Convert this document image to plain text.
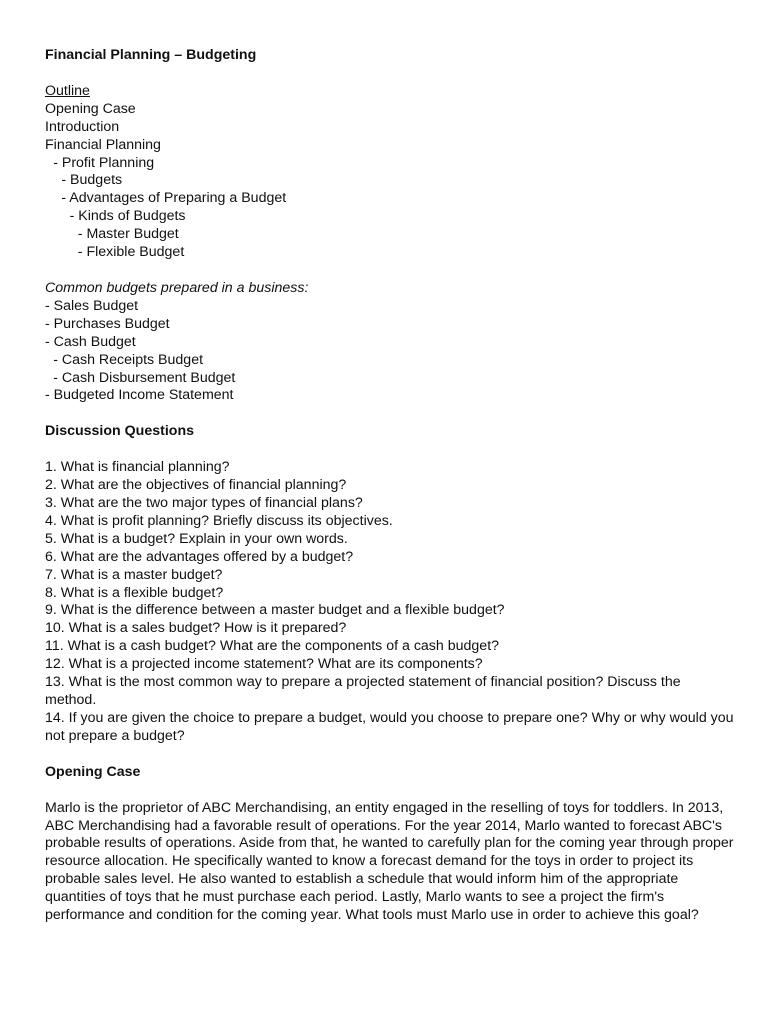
Financial Planning – Budgeting

Outline

Opening Case
Introduction
Financial Planning
- Profit Planning
- Budgets
- Advantages of Preparing a Budget
- Kinds of Budgets
- Master Budget
- Flexible Budget

Common budgets prepared in a business:

- Sales Budget
- Purchases Budget
- Cash Budget
- Cash Receipts Budget
- Cash Disbursement Budget
- Budgeted Income Statement

Discussion Questions

1. What is financial planning?
2. What are the objectives of financial planning?
3. What are the two major types of financial plans?
4. What is profit planning? Briefly discuss its objectives.
5. What is a budget? Explain in your own words.
6. What are the advantages offered by a budget?
7. What is a master budget?
8. What is a flexible budget?
9. What is the difference between a master budget and a flexible budget?
10. What is a sales budget? How is it prepared?
11. What is a cash budget? What are the components of a cash budget?
12. What is a projected income statement? What are its components?
13. What is the most common way to prepare a projected statement of financial position? Discuss the method.
14. If you are given the choice to prepare a budget, would you choose to prepare one? Why or why would you not prepare a budget?

Opening Case

Marlo is the proprietor of ABC Merchandising, an entity engaged in the reselling of toys for toddlers. In 2013, ABC Merchandising had a favorable result of operations. For the year 2014, Marlo wanted to forecast ABC's probable results of operations. Aside from that, he wanted to carefully plan for the coming year through proper resource allocation. He specifically wanted to know a forecast demand for the toys in order to project its probable sales level. He also wanted to establish a schedule that would inform him of the appropriate quantities of toys that he must purchase each period. Lastly, Marlo wants to see a project the firm's performance and condition for the coming year. What tools must Marlo use in order to achieve this goal?
